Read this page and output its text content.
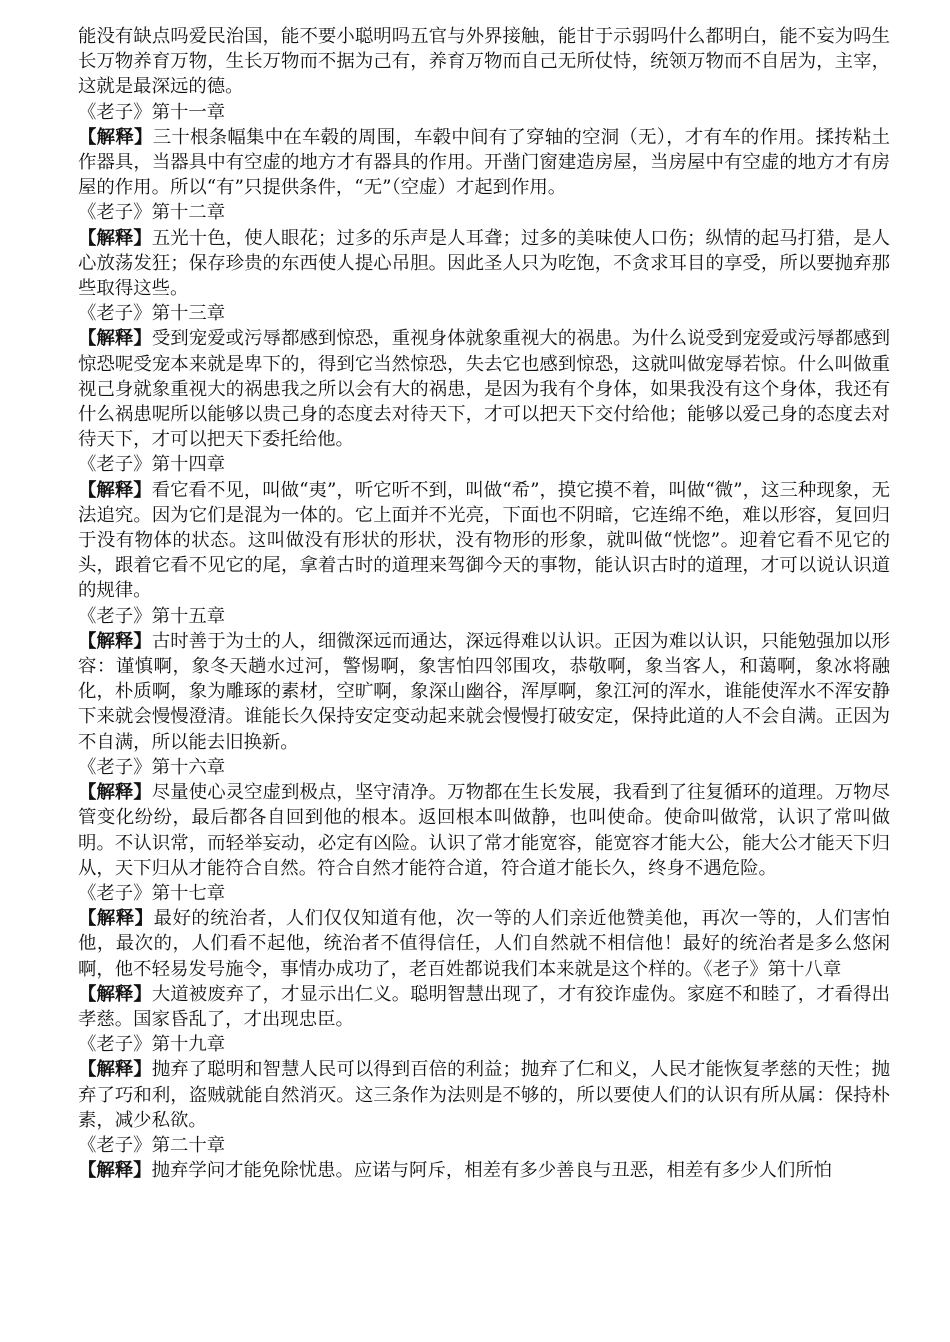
能没有缺点吗爱民治国，能不要小聪明吗五官与外界接触，能甘于示弱吗什么都明白，能不妄为吗生长万物养育万物，生长万物而不据为己有，养育万物而自己无所仗恃，统领万物而不自居为，主宰，这就是最深远的德。

《老子》第十一章

【解释】三十根条幅集中在车毂的周围，车毂中间有了穿轴的空洞（无），才有车的作用。揉抟粘土作器具，当器具中有空虚的地方才有器具的作用。开凿门窗建造房屋，当房屋中有空虚的地方才有房屋的作用。所以“有”只提供条件，“无”（空虚）才起到作用。

《老子》第十二章

【解释】五光十色，使人眼花；过多的乐声是人耳聋；过多的美味使人口伤；纵情的起马打猎，是人心放荡发狂；保存珍贵的东西使人提心吊胆。因此圣人只为吃饱，不贪求耳目的享受，所以要抛弃那些取得这些。

《老子》第十三章

【解释】受到宠爱或污辱都感到惊恐，重视身体就象重视大的祸患。为什么说受到宠爱或污辱都感到惊恐呢受宠本来就是卑下的，得到它当然惊恐，失去它也感到惊恐，这就叫做宠辱若惊。什么叫做重视己身就象重视大的祸患我之所以会有大的祸患，是因为我有个身体，如果我没有这个身体，我还有什么祸患呢所以能够以贵己身的态度去对待天下，才可以把天下交付给他；能够以爱己身的态度去对待天下，才可以把天下委托给他。

《老子》第十四章

【解释】看它看不见，叫做“夷”，听它听不到，叫做“希”，摸它摸不着，叫做“微”，这三种现象，无法追究。因为它们是混为一体的。它上面并不光亮，下面也不阴暗，它连绵不绝，难以形容，复回归于没有物体的状态。这叫做没有形状的形状，没有物形的形象，就叫做“恍惚”。迎着它看不见它的头，跟着它看不见它的尾，拿着古时的道理来驾御今天的事物，能认识古时的道理，才可以说认识道的规律。

《老子》第十五章

【解释】古时善于为士的人，细微深远而通达，深远得难以认识。正因为难以认识，只能勉强加以形容：谨慎啊，象冬天趟水过河，警惕啊，象害怕四邻围攻，恭敬啊，象当客人，和蔼啊，象冰将融化，朴质啊，象为雕琢的素材，空旷啊，象深山幽谷，浑厚啊，象江河的浑水，谁能使浑水不浑安静下来就会慢慢澄清。谁能长久保持安定变动起来就会慢慢打破安定，保持此道的人不会自满。正因为不自满，所以能去旧换新。

《老子》第十六章

【解释】尽量使心灵空虚到极点，坚守清净。万物都在生长发展，我看到了往复循环的道理。万物尽管变化纷纷，最后都各自回到他的根本。返回根本叫做静，也叫使命。使命叫做常，认识了常叫做明。不认识常，而轻举妄动，必定有凶险。认识了常才能宽容，能宽容才能大公，能大公才能天下归从，天下归从才能符合自然。符合自然才能符合道，符合道才能长久，终身不遇危险。

《老子》第十七章

【解释】最好的统治者，人们仅仅知道有他，次一等的人们亲近他赞美他，再次一等的，人们害怕他，最次的，人们看不起他，统治者不值得信任，人们自然就不相信他！最好的统治者是多么悠闲啊，他不轻易发号施令，事情办成功了，老百姓都说我们本来就是这个样的。《老子》第十八章

【解释】大道被废弃了，才显示出仁义。聪明智慧出现了，才有狡诈虚伪。家庭不和睦了，才看得出孝慈。国家昏乱了，才出现忠臣。

《老子》第十九章

【解释】抛弃了聪明和智慧人民可以得到百倍的利益；抛弃了仁和义，人民才能恢复孝慈的天性；抛弃了巧和利，盗贼就能自然消灭。这三条作为法则是不够的，所以要使人们的认识有所从属：保持朴素，减少私欲。

《老子》第二十章

【解释】抛弃学问才能免除忧患。应诺与阿斥，相差有多少善良与丑恶，相差有多少人们所怕
